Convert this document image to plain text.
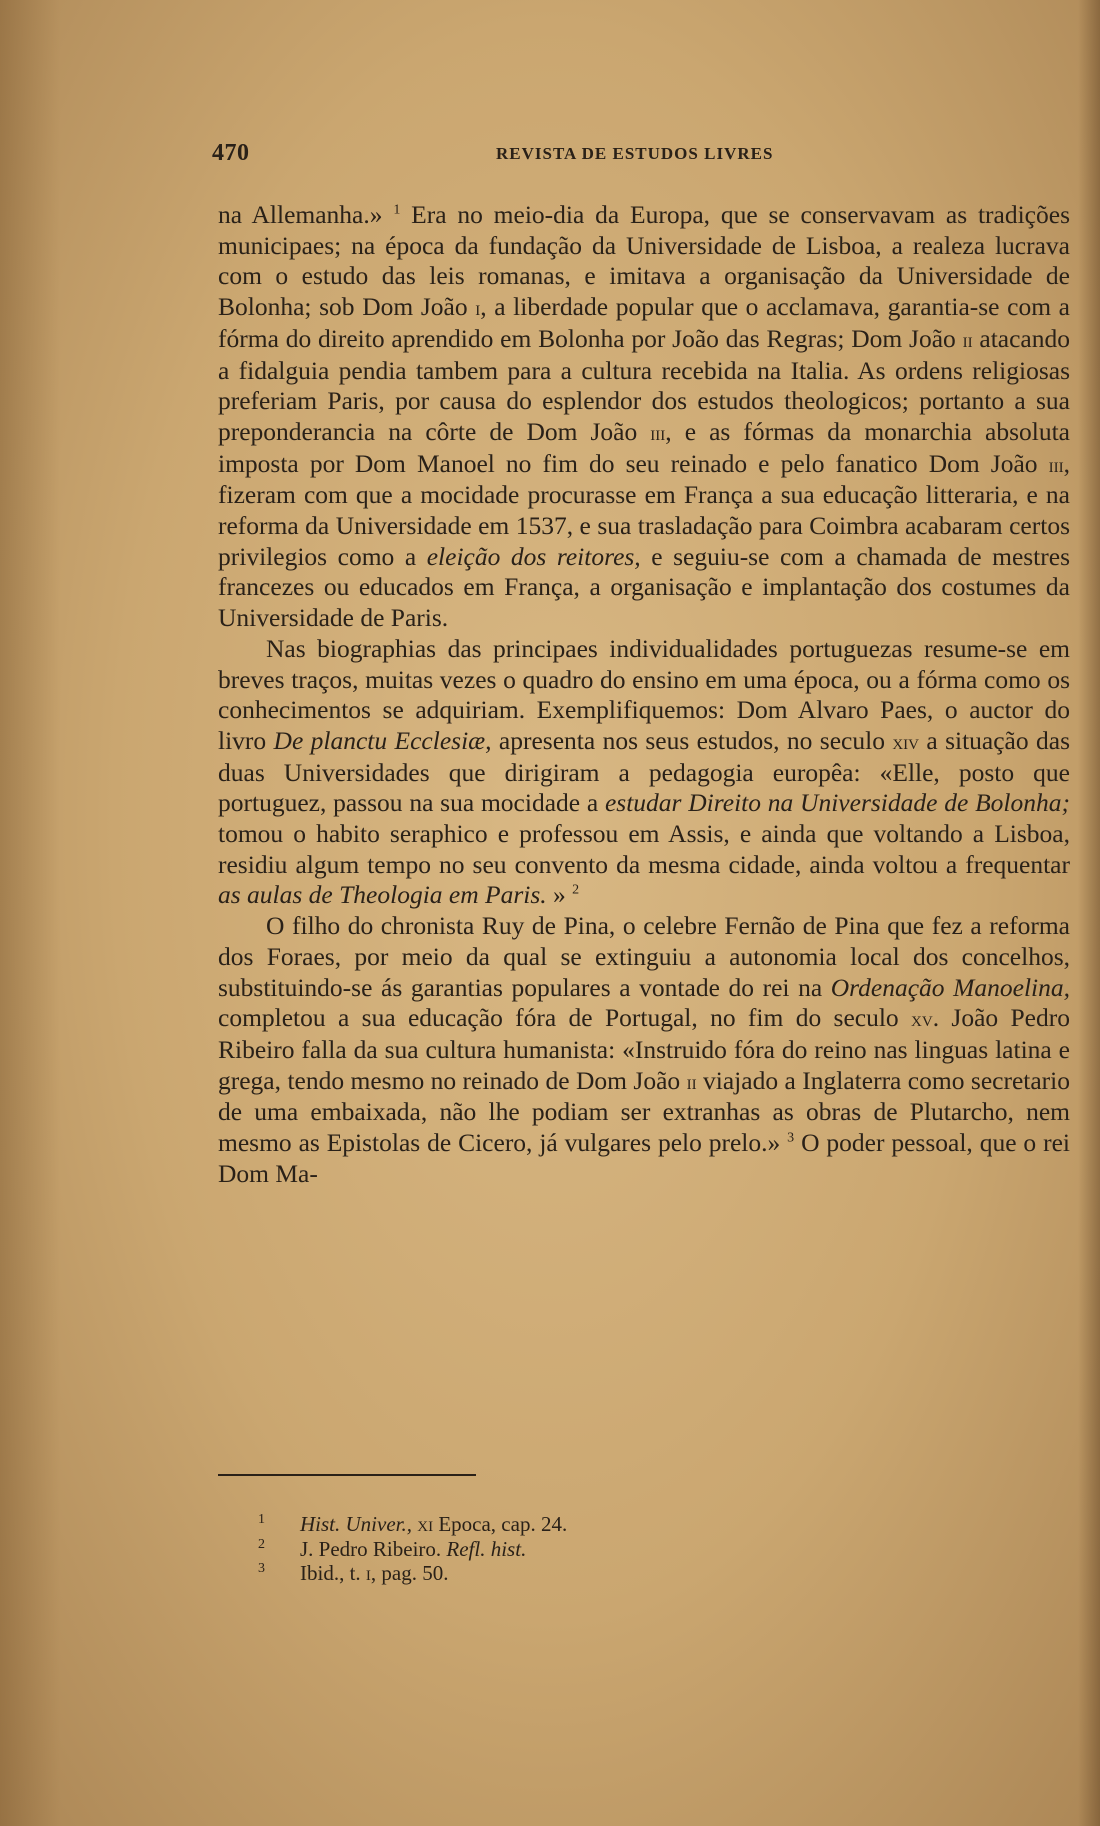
470	REVISTA DE ESTUDOS LIVRES

na Allemanha.» $^1$ Era no meio-dia da Europa, que se conservavam as tradições municipaes; na época da fundação da Universidade de Lisboa, a realeza lucrava com o estudo das leis romanas, e imitava a organisação da Universidade de Bolonha; sob Dom João i, a liberdade popular que o acclamava, garantia-se com a fórma do direito aprendido em Bolonha por João das Regras; Dom João ii atacando a fidalguia pendia tambem para a cultura recebida na Italia. As ordens religiosas preferiam Paris, por causa do esplendor dos estudos theologicos; portanto a sua preponderancia na côrte de Dom João iii, e as fórmas da monarchia absoluta imposta por Dom Manoel no fim do seu reinado e pelo fanatico Dom João iii, fizeram com que a mocidade procurasse em França a sua educação litteraria, e na reforma da Universidade em 1537, e sua trasladação para Coimbra acabaram certos privilegios como a eleição dos reitores, e seguiu-se com a chamada de mestres francezes ou educados em França, a organisação e implantação dos costumes da Universidade de Paris.

Nas biographias das principaes individualidades portuguezas resume-se em breves traços, muitas vezes o quadro do ensino em uma época, ou a fórma como os conhecimentos se adquiriam. Exemplifiquemos: Dom Alvaro Paes, o auctor do livro De planctu Ecclesiæ, apresenta nos seus estudos, no seculo xiv a situação das duas Universidades que dirigiram a pedagogia europêa: «Elle, posto que portuguez, passou na sua mocidade a estudar Direito na Universidade de Bolonha; tomou o habito seraphico e professou em Assis, e ainda que voltando a Lisboa, residiu algum tempo no seu convento da mesma cidade, ainda voltou a frequentar as aulas de Theologia em Paris. » $^2$

O filho do chronista Ruy de Pina, o celebre Fernão de Pina que fez a reforma dos Foraes, por meio da qual se extinguiu a autonomia local dos concelhos, substituindo-se ás garantias populares a vontade do rei na Ordenação Manoelina, completou a sua educação fóra de Portugal, no fim do seculo xv. João Pedro Ribeiro falla da sua cultura humanista: «Instruido fóra do reino nas linguas latina e grega, tendo mesmo no reinado de Dom João ii viajado a Inglaterra como secretario de uma embaixada, não lhe podiam ser extranhas as obras de Plutarcho, nem mesmo as Epistolas de Cicero, já vulgares pelo prelo.» $^3$ O poder pessoal, que o rei Dom Ma-

1 Hist. Univer., xi Epoca, cap. 24.
2 J. Pedro Ribeiro. Refl. hist.
3 Ibid., t. i, pag. 50.
